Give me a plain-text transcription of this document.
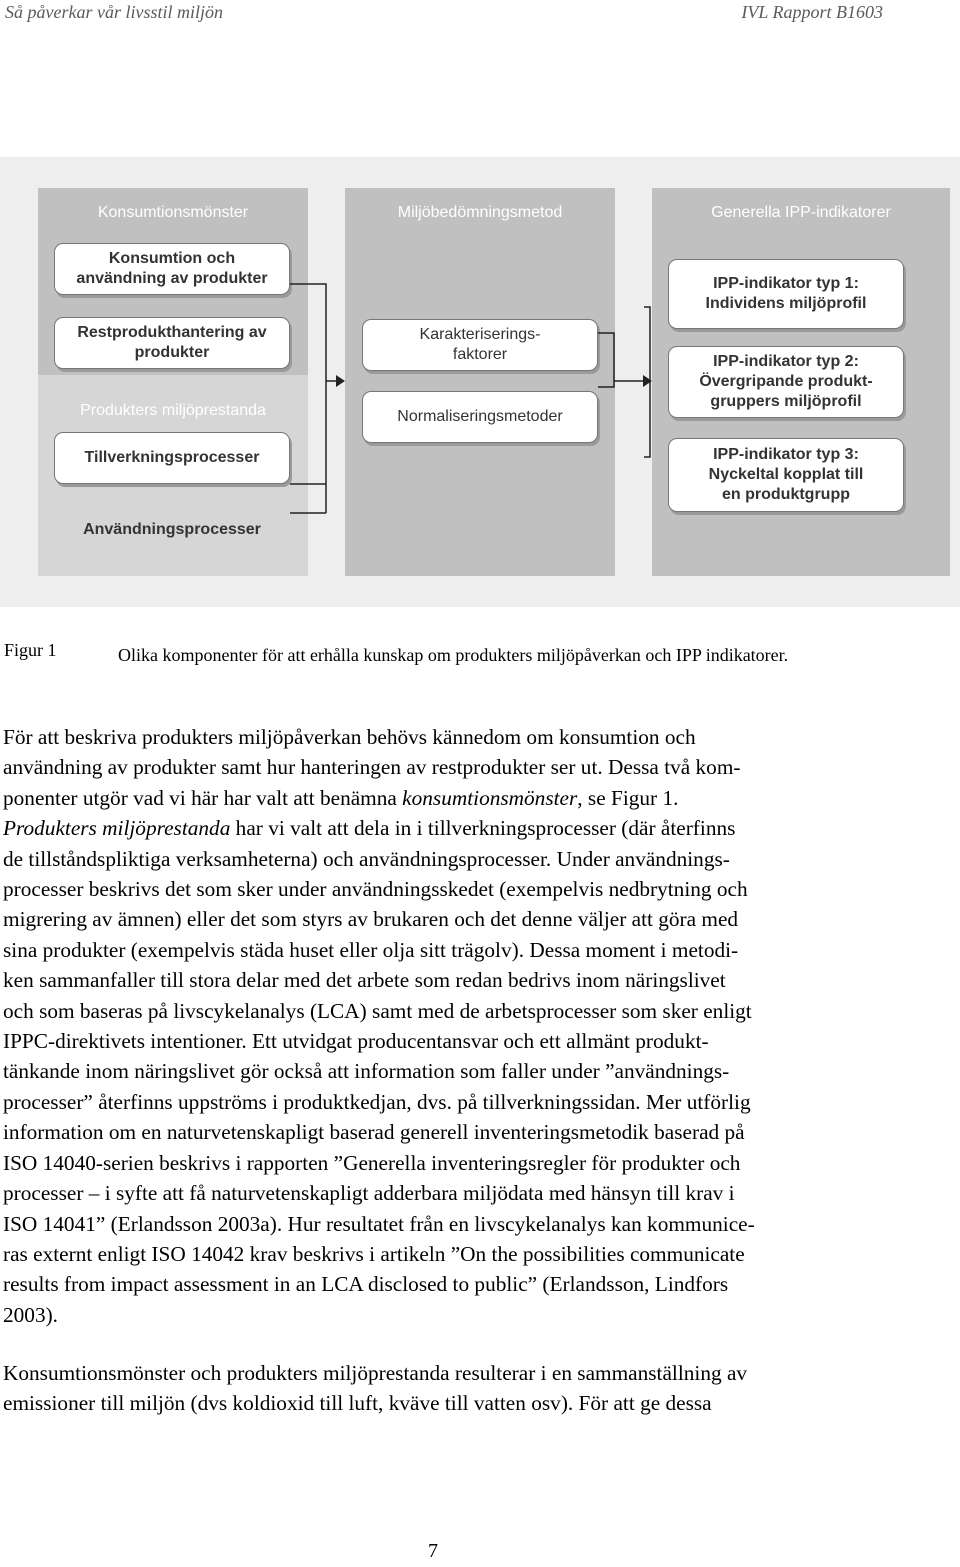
Så påverkar vår livsstil miljön	IVL Rapport B1603
Konsumtionsmönster
Produkters miljöprestanda
Konsumtion och
användning av produkter
Restprodukthantering av
produkter
Tillverkningsprocesser
Användningsprocesser
Miljöbedömningsmetod
Karakteriserings-
faktorer
Normaliseringsmetoder
Generella IPP-indikatorer
IPP-indikator typ 1:
Individens miljöprofil
IPP-indikator typ 2:
Övergripande produkt-
gruppers miljöprofil
IPP-indikator typ 3:
Nyckeltal kopplat till
en produktgrupp
Figur 1	Olika komponenter för att erhålla kunskap om produkters miljöpåverkan och IPP indikatorer.
För att beskriva produkters miljöpåverkan behövs kännedom om konsumtion och
användning av produkter samt hur hanteringen av restprodukter ser ut. Dessa två kom-
ponenter utgör vad vi här har valt att benämna konsumtionsmönster, se Figur 1.
Produkters miljöprestanda har vi valt att dela in i tillverkningsprocesser (där återfinns
de tillståndspliktiga verksamheterna) och användningsprocesser. Under användnings-
processer beskrivs det som sker under användningsskedet (exempelvis nedbrytning och
migrering av ämnen) eller det som styrs av brukaren och det denne väljer att göra med
sina produkter (exempelvis städa huset eller olja sitt trägolv). Dessa moment i metodi-
ken sammanfaller till stora delar med det arbete som redan bedrivs inom näringslivet
och som baseras på livscykelanalys (LCA) samt med de arbetsprocesser som sker enligt
IPPC-direktivets intentioner. Ett utvidgat producentansvar och ett allmänt produkt-
tänkande inom näringslivet gör också att information som faller under ”användnings-
processer” återfinns uppströms i produktkedjan, dvs. på tillverkningssidan. Mer utförlig
information om en naturvetenskapligt baserad generell inventeringsmetodik baserad på
ISO 14040-serien beskrivs i rapporten ”Generella inventeringsregler för produkter och
processer – i syfte att få naturvetenskapligt adderbara miljödata med hänsyn till krav i
ISO 14041” (Erlandsson 2003a). Hur resultatet från en livscykelanalys kan kommunice-
ras externt enligt ISO 14042 krav beskrivs i artikeln ”On the possibilities communicate
results from impact assessment in an LCA disclosed to public” (Erlandsson, Lindfors
2003).
Konsumtionsmönster och produkters miljöprestanda resulterar i en sammanställning av
emissioner till miljön (dvs koldioxid till luft, kväve till vatten osv). För att ge dessa
7
